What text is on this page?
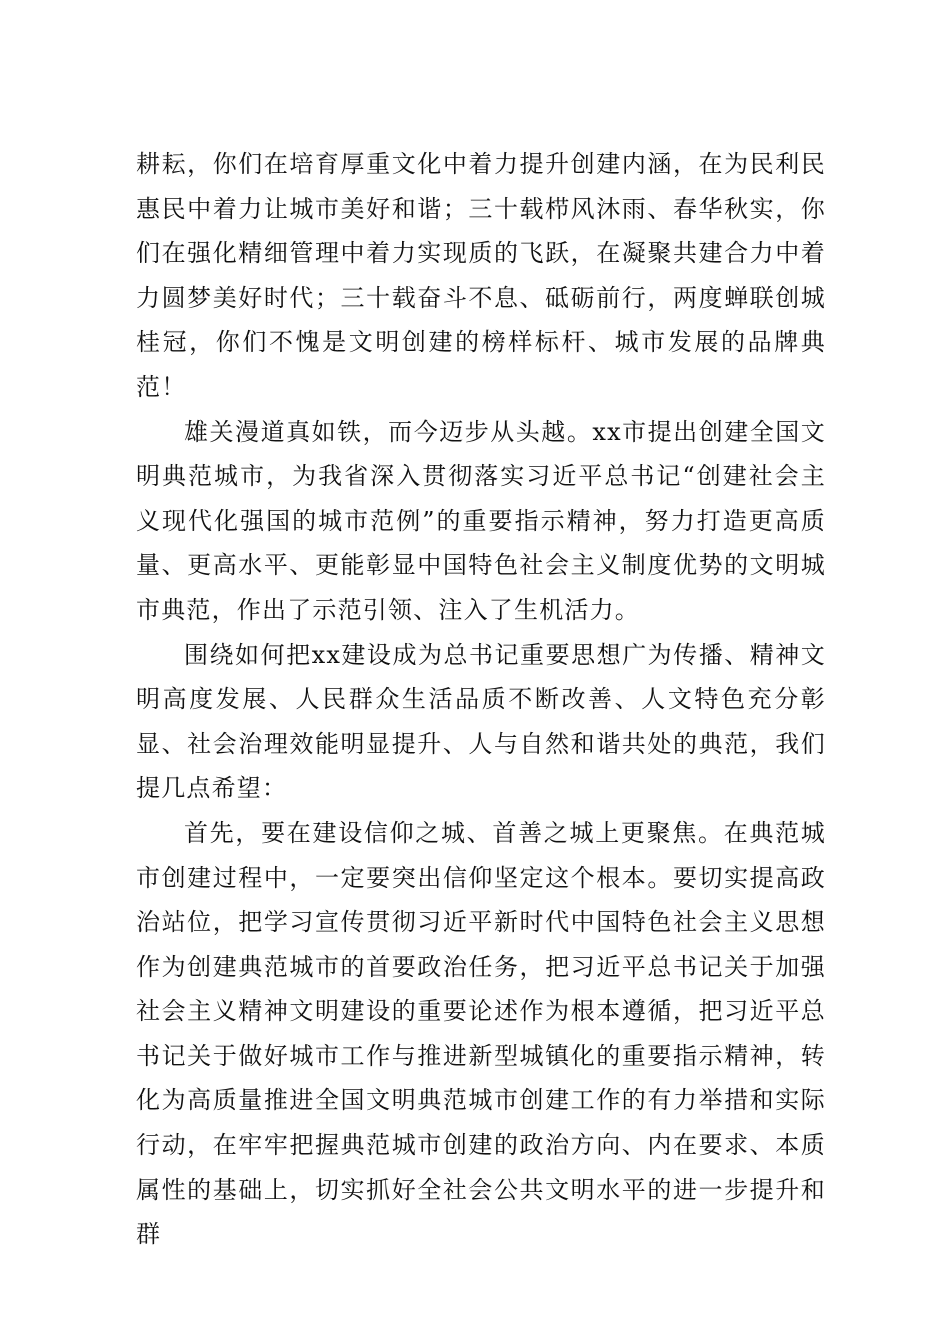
耕耘，你们在培育厚重文化中着力提升创建内涵，在为民利民惠民中着力让城市美好和谐；三十载栉风沐雨、春华秋实，你们在强化精细管理中着力实现质的飞跃，在凝聚共建合力中着力圆梦美好时代；三十载奋斗不息、砥砺前行，两度蝉联创城桂冠，你们不愧是文明创建的榜样标杆、城市发展的品牌典范！

雄关漫道真如铁，而今迈步从头越。xx市提出创建全国文明典范城市，为我省深入贯彻落实习近平总书记“创建社会主义现代化强国的城市范例”的重要指示精神，努力打造更高质量、更高水平、更能彰显中国特色社会主义制度优势的文明城市典范，作出了示范引领、注入了生机活力。

围绕如何把xx建设成为总书记重要思想广为传播、精神文明高度发展、人民群众生活品质不断改善、人文特色充分彰显、社会治理效能明显提升、人与自然和谐共处的典范，我们提几点希望：

首先，要在建设信仰之城、首善之城上更聚焦。在典范城市创建过程中，一定要突出信仰坚定这个根本。要切实提高政治站位，把学习宣传贯彻习近平新时代中国特色社会主义思想作为创建典范城市的首要政治任务，把习近平总书记关于加强社会主义精神文明建设的重要论述作为根本遵循，把习近平总书记关于做好城市工作与推进新型城镇化的重要指示精神，转化为高质量推进全国文明典范城市创建工作的有力举措和实际行动，在牢牢把握典范城市创建的政治方向、内在要求、本质属性的基础上，切实抓好全社会公共文明水平的进一步提升和群
